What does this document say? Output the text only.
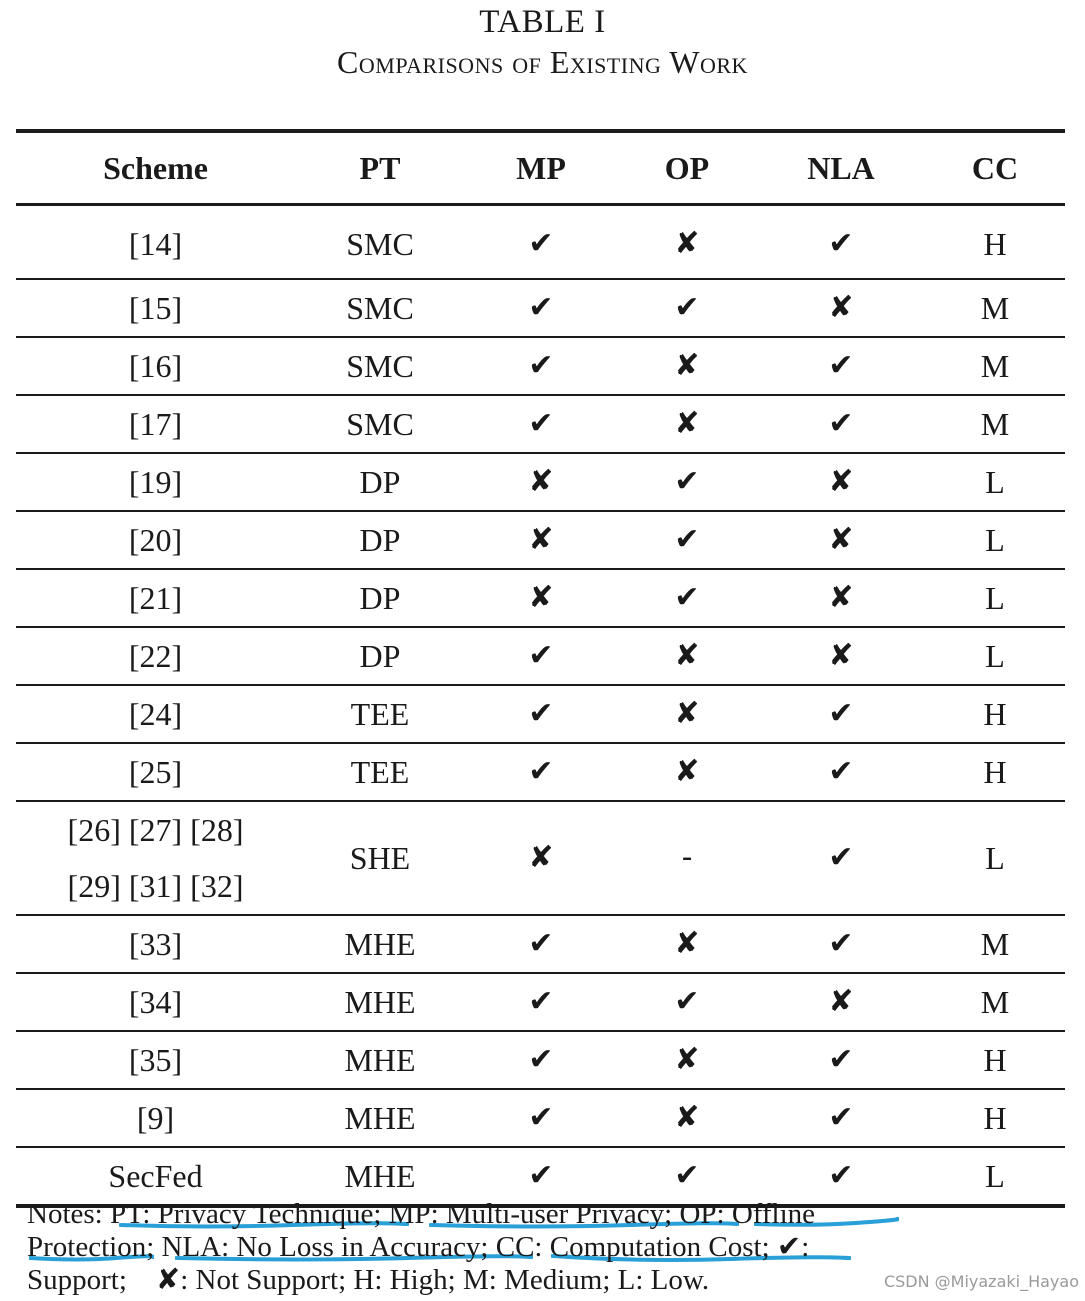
TABLE I
Comparisons of Existing Work
Scheme	PT	MP	OP	NLA	CC

[14]	SMC	✔	✘	✔	H

[15]	SMC	✔	✔	✘	M

[16]	SMC	✔	✘	✔	M

[17]	SMC	✔	✘	✔	M

[19]	DP	✘	✔	✘	L

[20]	DP	✘	✔	✘	L

[21]	DP	✘	✔	✘	L

[22]	DP	✔	✘	✘	L

[24]	TEE	✔	✘	✔	H

[25]	TEE	✔	✘	✔	H

[26] [27] [28]
[29] [31] [32]	SHE	✘	-	✔	L

[33]	MHE	✔	✘	✔	M

[34]	MHE	✔	✔	✘	M

[35]	MHE	✔	✘	✔	H

[9]	MHE	✔	✘	✔	H

SecFed	MHE	✔	✔	✔	L
Notes: PT: Privacy Technique; MP: Multi-user Privacy; OP: Offline
Protection; NLA: No Loss in Accuracy; CC: Computation Cost; ✔:
Support;    ✘: Not Support; H: High; M: Medium; L: Low.	CSDN @Miyazaki_Hayao
